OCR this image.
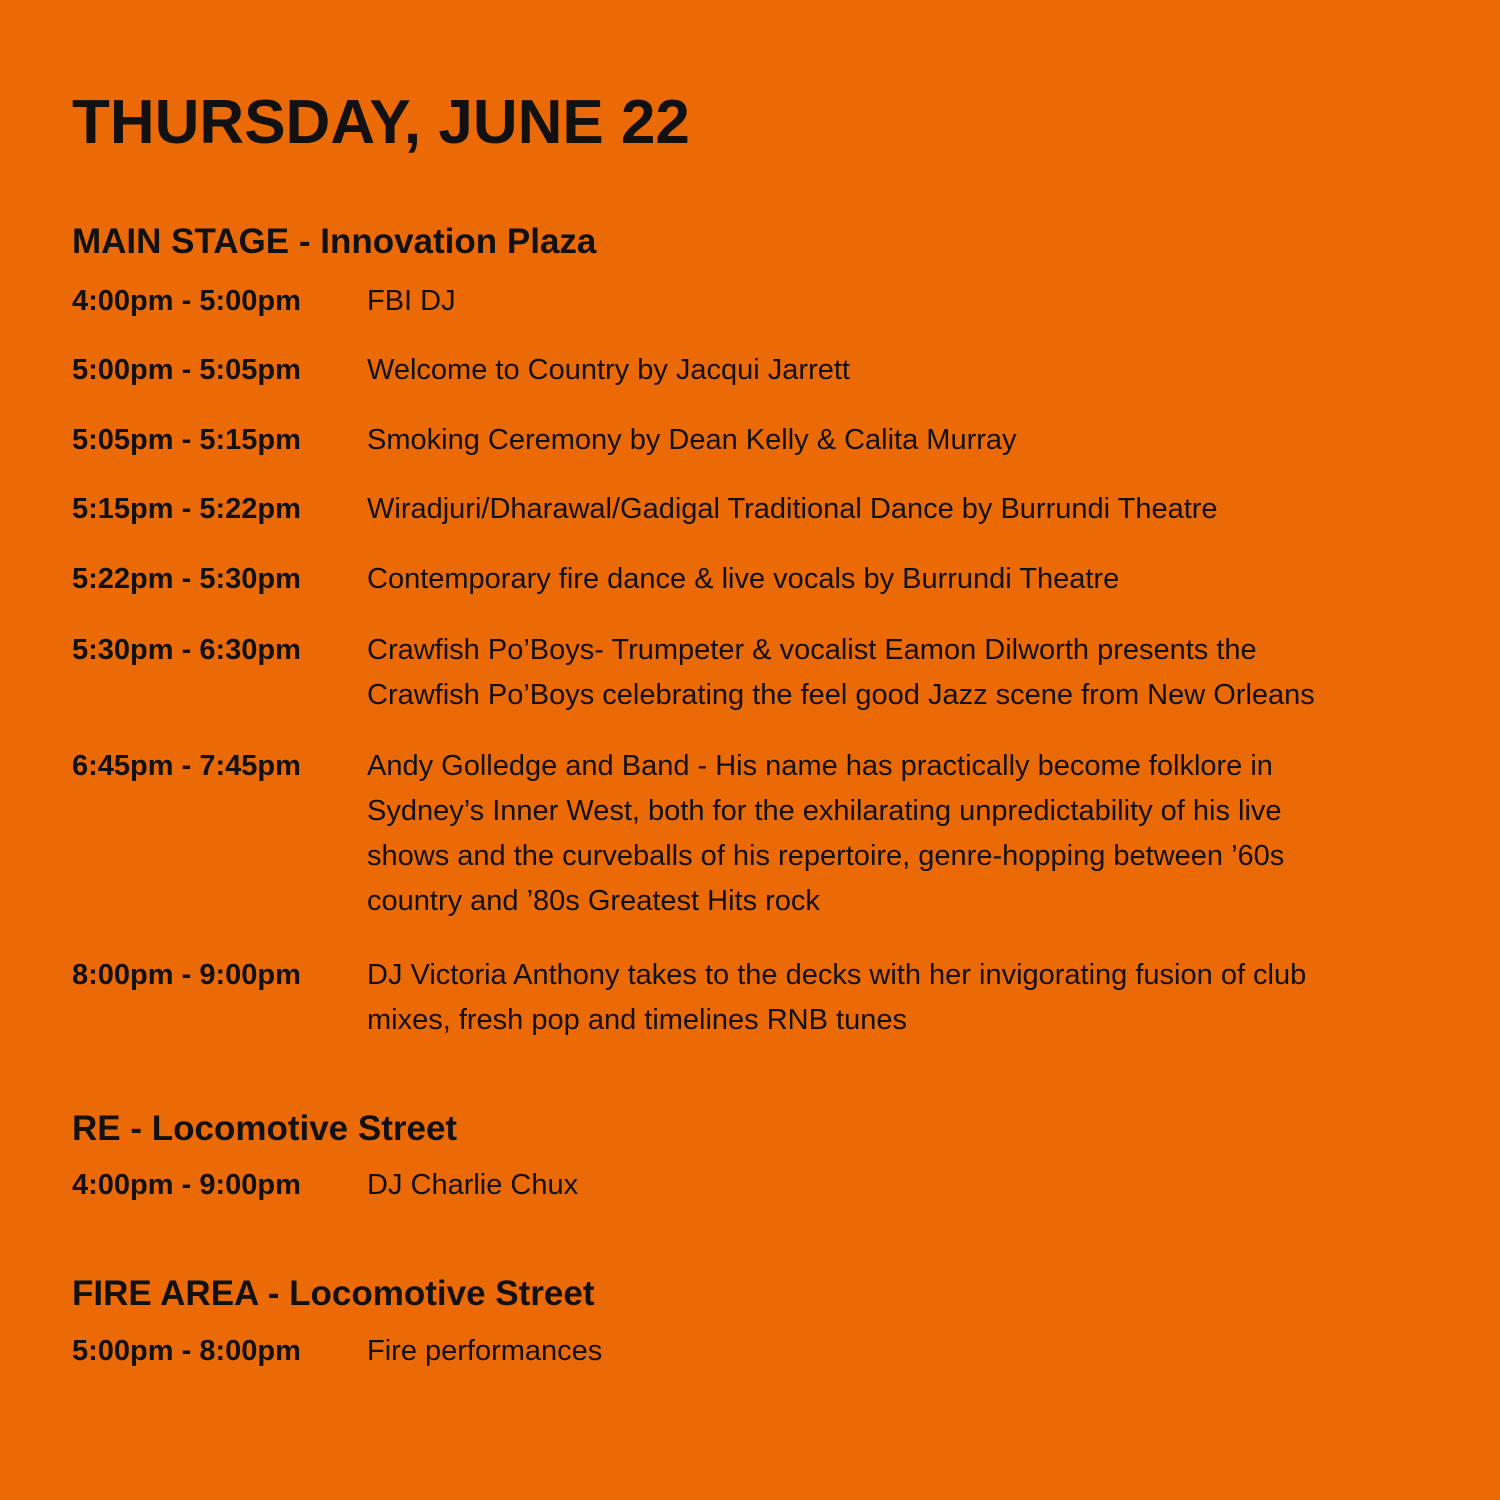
THURSDAY, JUNE 22
MAIN STAGE - Innovation Plaza
4:00pm - 5:00pm	FBI DJ
5:00pm - 5:05pm	Welcome to Country by Jacqui Jarrett
5:05pm - 5:15pm	Smoking Ceremony by Dean Kelly & Calita Murray
5:15pm - 5:22pm	Wiradjuri/Dharawal/Gadigal Traditional Dance by Burrundi Theatre
5:22pm - 5:30pm	Contemporary fire dance & live vocals by Burrundi Theatre
5:30pm - 6:30pm	Crawfish Po’Boys- Trumpeter & vocalist Eamon Dilworth presents the
Crawfish Po’Boys celebrating the feel good Jazz scene from New Orleans
6:45pm - 7:45pm	Andy Golledge and Band - His name has practically become folklore in
Sydney’s Inner West, both for the exhilarating unpredictability of his live
shows and the curveballs of his repertoire, genre-hopping between ’60s
country and ’80s Greatest Hits rock
8:00pm - 9:00pm	DJ Victoria Anthony takes to the decks with her invigorating fusion of club
mixes, fresh pop and timelines RNB tunes
RE - Locomotive Street
4:00pm - 9:00pm	DJ Charlie Chux
FIRE AREA - Locomotive Street
5:00pm - 8:00pm	Fire performances
